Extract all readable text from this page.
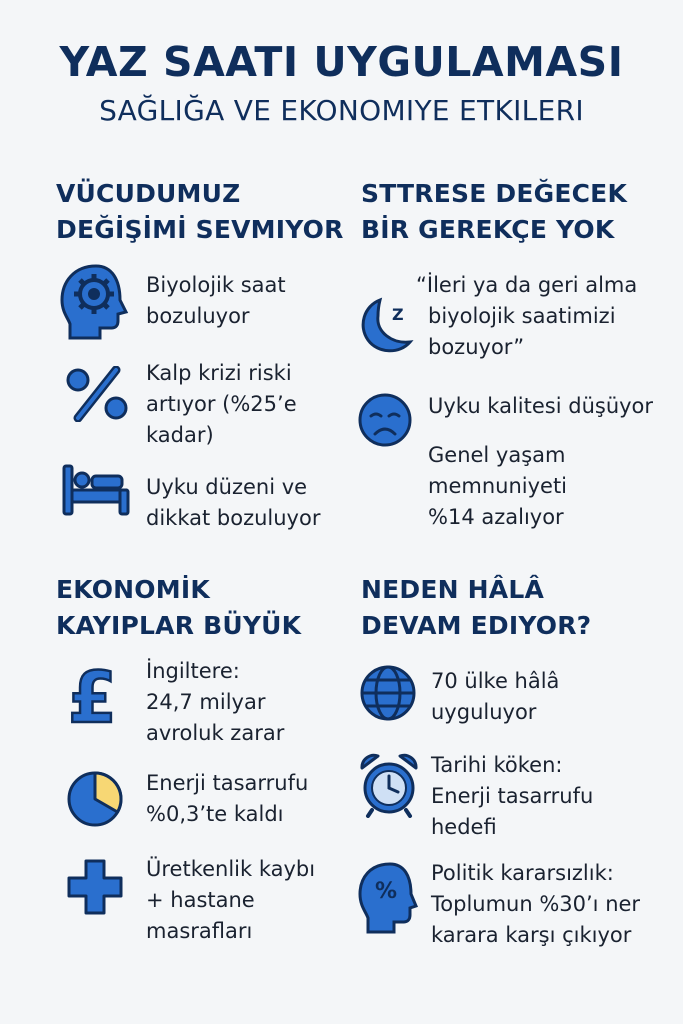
YAZ SAATI UYGULAMASI
SAĞLIĞA VE EKONOMIYE ETKILERI
VÜCUDUMUZ
DEĞİŞİMİ SEVMIYOR
Biyolojik saat
bozuluyor
Kalp krizi riski
artıyor (%25’e
kadar)
Uyku düzeni ve
dikkat bozuluyor
STTRESE DEĞECEK
BİR GEREKÇE YOK
Z
“İleri ya da geri alma
biyolojik saatimizi
bozuyor”
Uyku kalitesi düşüyor
Genel yaşam
memnuniyeti
%14 azalıyor
EKONOMİK
KAYIPLAR BÜYÜK
£ İngiltere:
24,7 milyar
avroluk zarar
Enerji tasarrufu
%0,3’te kaldı
Üretkenlik kaybı
+ hastane
masrafları
NEDEN HÂLÂ
DEVAM EDIYOR?
70 ülke hâlâ
uyguluyor
Tarihi köken:
Enerji tasarrufu
hedefi
%
Politik kararsızlık:
Toplumun %30’ı ner
karara karşı çıkıyor
